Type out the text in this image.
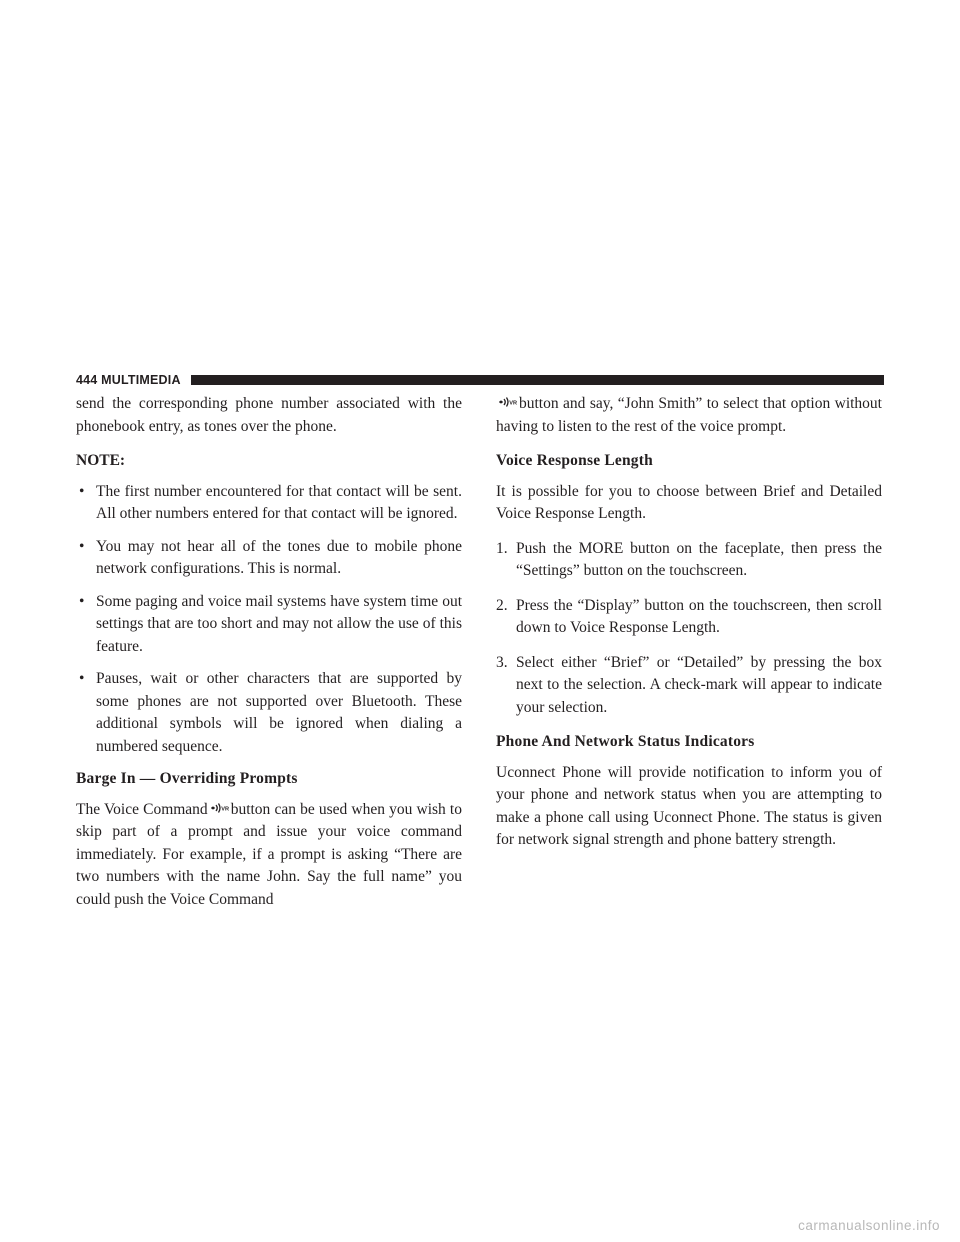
444 MULTIMEDIA

send the corresponding phone number associated with the phonebook entry, as tones over the phone.

NOTE:

• The first number encountered for that contact will be sent. All other numbers entered for that contact will be ignored.
• You may not hear all of the tones due to mobile phone network configurations. This is normal.
• Some paging and voice mail systems have system time out settings that are too short and may not allow the use of this feature.
• Pauses, wait or other characters that are supported by some phones are not supported over Bluetooth. These additional symbols will be ignored when dialing a numbered sequence.
Barge In — Overriding Prompts

The Voice Command VR button can be used when you wish to skip part of a prompt and issue your voice command immediately. For example, if a prompt is asking “There are two numbers with the name John. Say the full name” you could push the Voice Command

VR button and say, “John Smith” to select that option without having to listen to the rest of the voice prompt.

Voice Response Length

It is possible for you to choose between Brief and Detailed Voice Response Length.

1. Push the MORE button on the faceplate, then press the “Settings” button on the touchscreen.
2. Press the “Display” button on the touchscreen, then scroll down to Voice Response Length.
3. Select either “Brief” or “Detailed” by pressing the box next to the selection. A check-mark will appear to indicate your selection.
Phone And Network Status Indicators

Uconnect Phone will provide notification to inform you of your phone and network status when you are attempting to make a phone call using Uconnect Phone. The status is given for network signal strength and phone battery strength.

carmanualsonline.info
